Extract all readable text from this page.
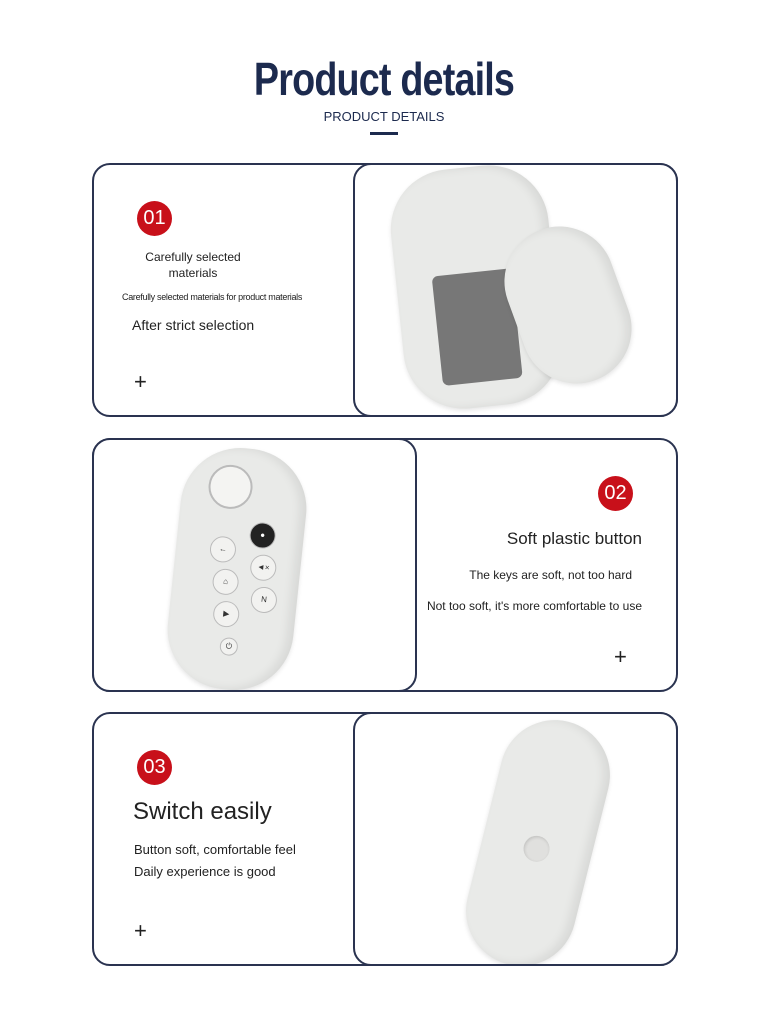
Product details
PRODUCT DETAILS
01
Carefully selected materials
Carefully selected materials for product materials
After strict selection
+
●
←
◄×
⌂
N
▶
⏻
02
Soft plastic button
The keys are soft, not too hard
Not too soft, it's more comfortable to use
+
03
Switch easily
Button soft, comfortable feel
Daily experience is good
+
